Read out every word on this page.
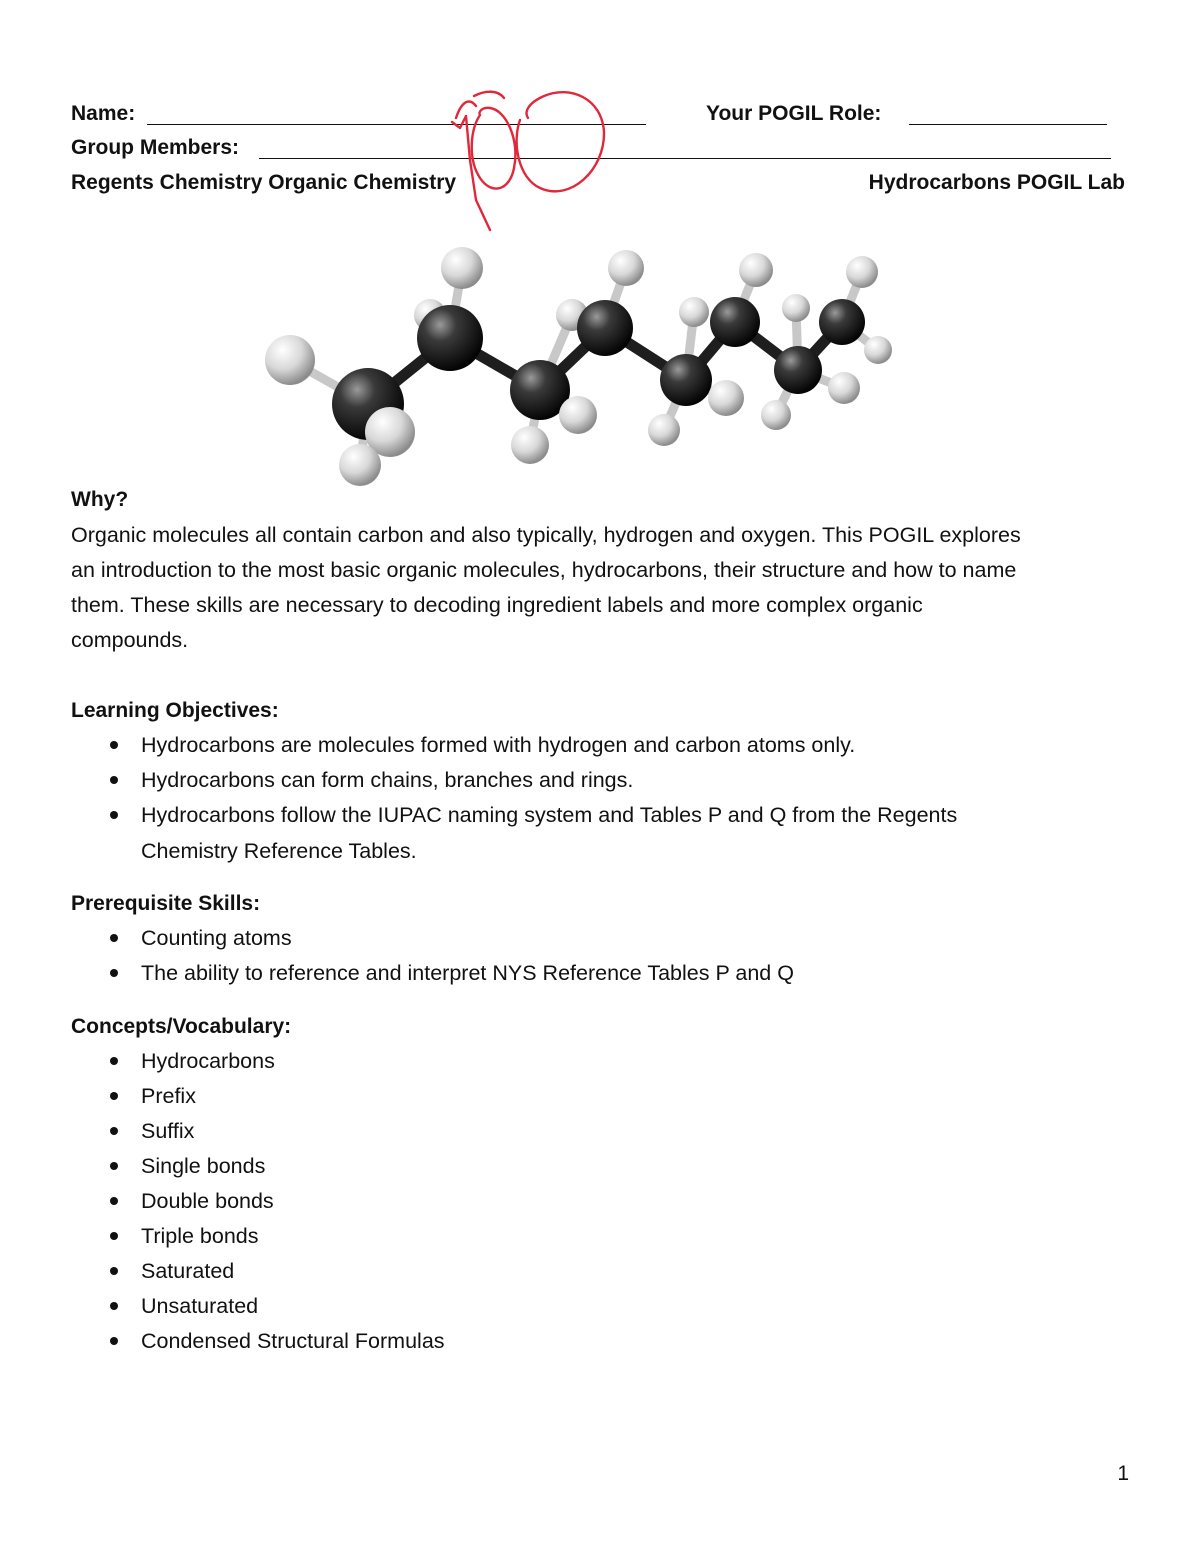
Name:	Your POGIL Role:
Group Members:
Regents Chemistry Organic Chemistry	Hydrocarbons POGIL Lab
100
Why?
Organic molecules all contain carbon and also typically, hydrogen and oxygen. This POGIL explores
an introduction to the most basic organic molecules, hydrocarbons, their structure and how to name
them. These skills are necessary to decoding ingredient labels and more complex organic
compounds.
Learning Objectives:
Hydrocarbons are molecules formed with hydrogen and carbon atoms only.
Hydrocarbons can form chains, branches and rings.
Hydrocarbons follow the IUPAC naming system and Tables P and Q from the Regents
Chemistry Reference Tables.
Prerequisite Skills:
Counting atoms
The ability to reference and interpret NYS Reference Tables P and Q
Concepts/Vocabulary:
Hydrocarbons
Prefix
Suffix
Single bonds
Double bonds
Triple bonds
Saturated
Unsaturated
Condensed Structural Formulas
1
